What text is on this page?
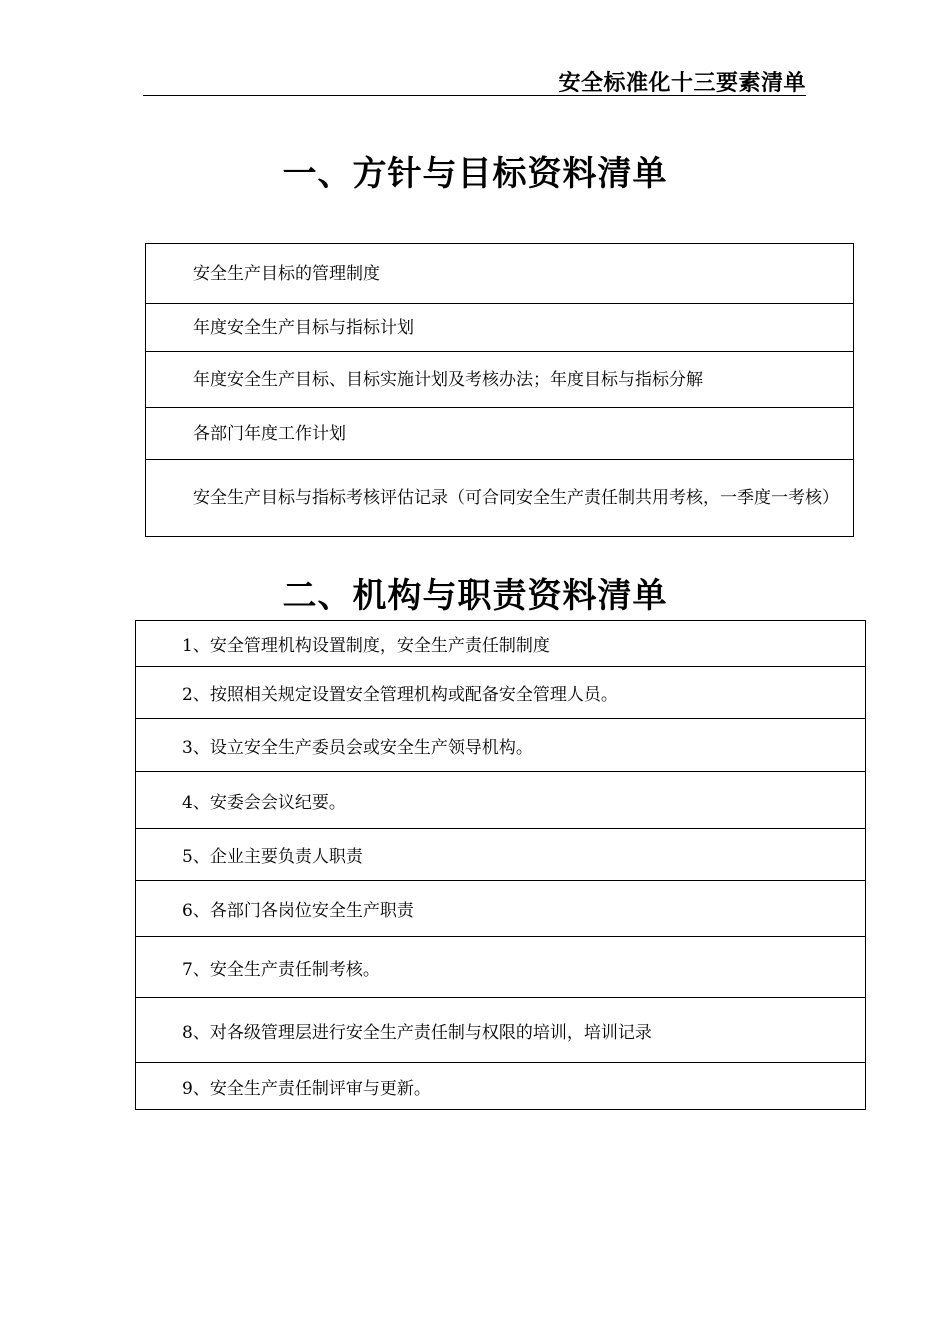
安全标准化十三要素清单
一、方针与目标资料清单
安全生产目标的管理制度

年度安全生产目标与指标计划

年度安全生产目标、目标实施计划及考核办法；年度目标与指标分解

各部门年度工作计划

安全生产目标与指标考核评估记录（可合同安全生产责任制共用考核，一季度一考核）
二、机构与职责资料清单
1、安全管理机构设置制度，安全生产责任制制度
2、按照相关规定设置安全管理机构或配备安全管理人员。
3、设立安全生产委员会或安全生产领导机构。
4、安委会会议纪要。
5、企业主要负责人职责
6、各部门各岗位安全生产职责
7、安全生产责任制考核。
8、对各级管理层进行安全生产责任制与权限的培训，培训记录
9、安全生产责任制评审与更新。
